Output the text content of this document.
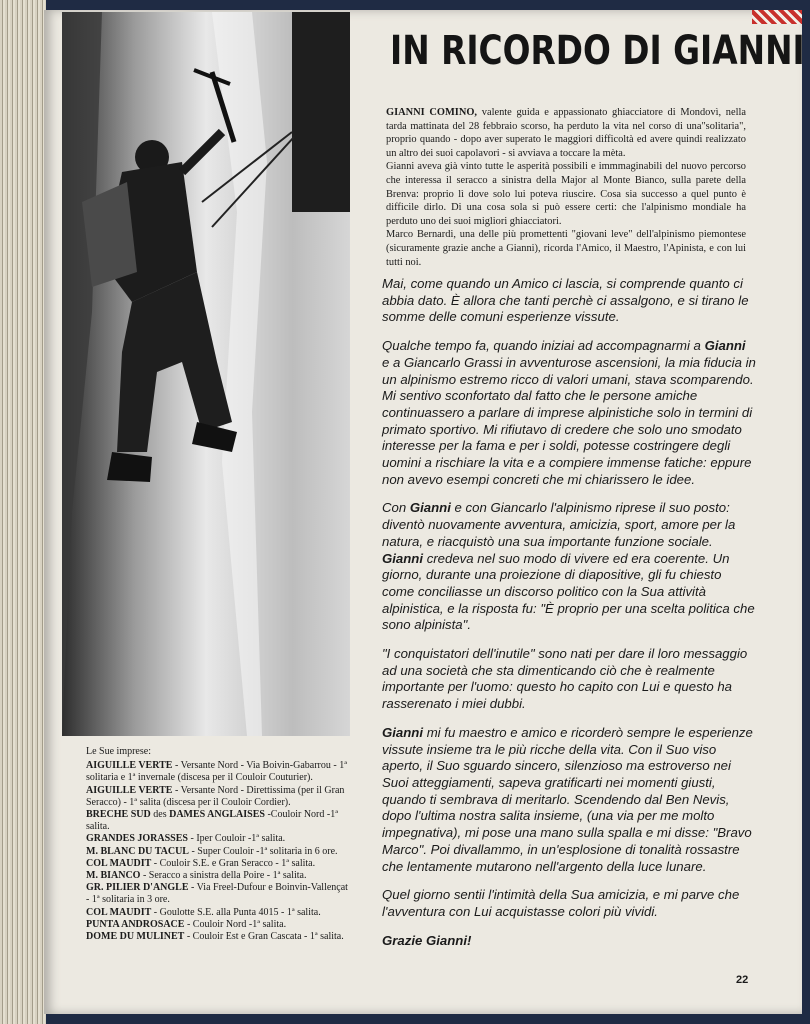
IN RICORDO DI GIANNI

GIANNI COMINO, valente guida e appassionato ghiacciatore di Mondovì, nella tarda mattinata del 28 febbraio scorso, ha perduto la vita nel corso di una"solitaria", proprio quando - dopo aver superato le maggiori difficoltà ed avere quindi realizzato un altro dei suoi capolavori - si avviava a toccare la mèta.

Gianni aveva già vinto tutte le asperità possibili e immmaginabili del nuovo percorso che interessa il seracco a sinistra della Major al Monte Bianco, sulla parete della Brenva: proprio lì dove solo lui poteva riuscire. Cosa sia successo a quel punto è difficile dirlo. Di una cosa sola si può essere certi: che l'alpinismo mondiale ha perduto uno dei suoi migliori ghiacciatori.

Marco Bernardi, una delle più promettenti "giovani leve" dell'alpinismo piemontese (sicuramente grazie anche a Gianni), ricorda l'Amico, il Maestro, l'Apinista, e con lui tutti noi.

Mai, come quando un Amico ci lascia, si comprende quanto ci abbia dato. È allora che tanti perchè ci assalgono, e si tirano le somme delle comuni esperienze vissute.

Qualche tempo fa, quando iniziai ad accompagnarmi a Gianni e a Giancarlo Grassi in avventurose ascensioni, la mia fiducia in un alpinismo estremo ricco di valori umani, stava scomparendo. Mi sentivo sconfortato dal fatto che le persone amiche continuassero a parlare di imprese alpinistiche solo in termini di primato sportivo. Mi rifiutavo di credere che solo uno smodato interesse per la fama e per i soldi, potesse costringere degli uomini a rischiare la vita e a compiere immense fatiche: eppure non avevo esempi concreti che mi chiarissero le idee.

Con Gianni e con Giancarlo l'alpinismo riprese il suo posto: diventò nuovamente avventura, amicizia, sport, amore per la natura, e riacquistò una sua importante funzione sociale. Gianni credeva nel suo modo di vivere ed era coerente. Un giorno, durante una proiezione di diapositive, gli fu chiesto come conciliasse un discorso politico con la Sua attività alpinistica, e la risposta fu: "È proprio per una scelta politica che sono alpinista".

"I conquistatori dell'inutile" sono nati per dare il loro messaggio ad una società che sta dimenticando ciò che è realmente importante per l'uomo: questo ho capito con Lui e questo ha rasserenato i miei dubbi.

Gianni mi fu maestro e amico e ricorderò sempre le esperienze vissute insieme tra le più ricche della vita. Con il Suo viso aperto, il Suo sguardo sincero, silenzioso ma estroverso nei Suoi atteggiamenti, sapeva gratificarti nei momenti giusti, quando ti sembrava di meritarlo. Scendendo dal Ben Nevis, dopo l'ultima nostra salita insieme, (una via per me molto impegnativa), mi pose una mano sulla spalla e mi disse: "Bravo Marco". Poi divallammo, in un'esplosione di tonalità rossastre che lentamente mutarono nell'argento della luce lunare.

Quel giorno sentii l'intimità della Sua amicizia, e mi parve che l'avventura con Lui acquistasse colori più vividi.

Grazie Gianni!

Le Sue imprese:

AIGUILLE VERTE - Versante Nord - Via Boivin-Gabarrou - 1ª solitaria e 1ª invernale (discesa per il Couloir Couturier).

AIGUILLE VERTE - Versante Nord - Direttissima (per il Gran Seracco) - 1ª salita (discesa per il Couloir Cordier).

BRECHE SUD des DAMES ANGLAISES -Couloir Nord -1ª salita.

GRANDES JORASSES - Iper Couloir -1ª salita.

M. BLANC DU TACUL - Super Couloir -1ª solitaria in 6 ore.

COL MAUDIT - Couloir S.E. e Gran Seracco - 1ª salita.

M. BIANCO - Seracco a sinistra della Poire - 1ª salita.

GR. PILIER D'ANGLE - Via Freel-Dufour e Boinvin-Vallençat - 1ª solitaria in 3 ore.

COL MAUDIT - Goulotte S.E. alla Punta 4015 - 1ª salita.

PUNTA ANDROSACE - Couloir Nord -1ª salita.

DOME DU MULINET - Couloir Est e Gran Cascata - 1ª salita.

22
